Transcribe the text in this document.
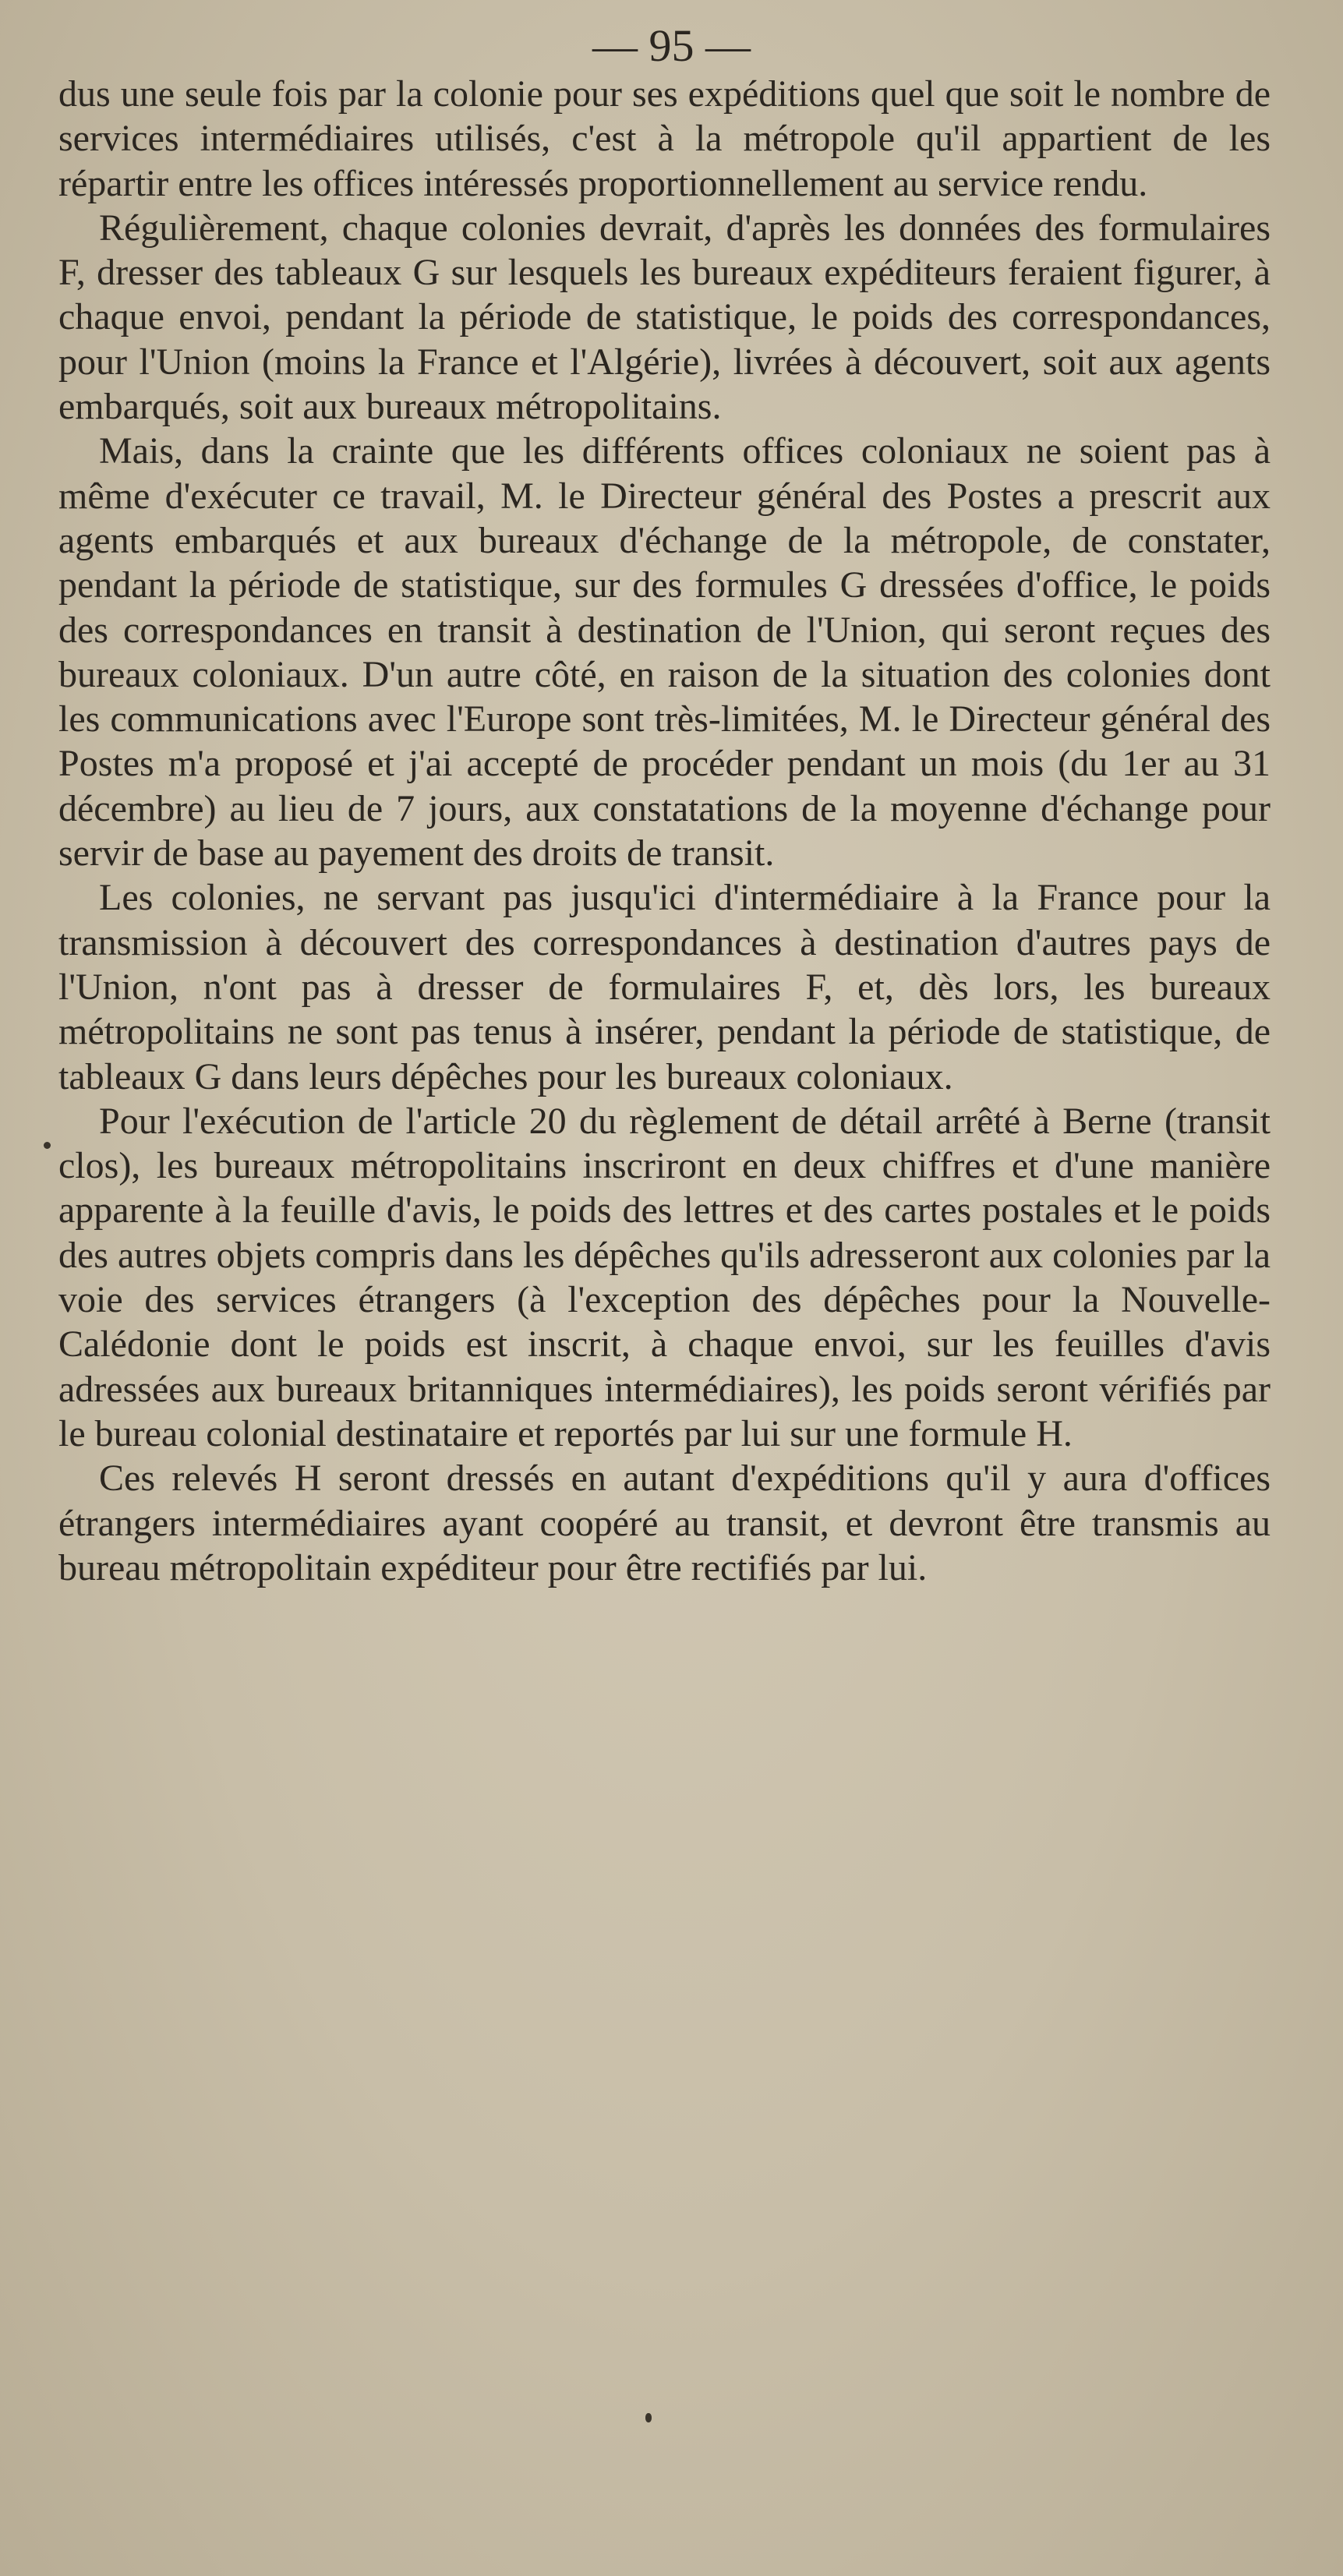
— 95 —

dus une seule fois par la colonie pour ses expéditions quel que soit le nombre de services intermédiaires utilisés, c'est à la métropole qu'il appartient de les répartir entre les offices intéressés proportionnellement au service rendu.

Régulièrement, chaque colonies devrait, d'après les données des formulaires F, dresser des tableaux G sur lesquels les bureaux expéditeurs feraient figurer, à chaque envoi, pendant la période de statistique, le poids des correspondances, pour l'Union (moins la France et l'Algérie), livrées à découvert, soit aux agents embarqués, soit aux bureaux métropolitains.

Mais, dans la crainte que les différents offices coloniaux ne soient pas à même d'exécuter ce travail, M. le Directeur général des Postes a prescrit aux agents embarqués et aux bureaux d'échange de la métropole, de constater, pendant la période de statistique, sur des formules G dressées d'office, le poids des correspondances en transit à destination de l'Union, qui seront reçues des bureaux coloniaux. D'un autre côté, en raison de la situation des colonies dont les communications avec l'Europe sont très-limitées, M. le Directeur général des Postes m'a proposé et j'ai accepté de procéder pendant un mois (du 1er au 31 décembre) au lieu de 7 jours, aux constatations de la moyenne d'échange pour servir de base au payement des droits de transit.

Les colonies, ne servant pas jusqu'ici d'intermédiaire à la France pour la transmission à découvert des correspondances à destination d'autres pays de l'Union, n'ont pas à dresser de formulaires F, et, dès lors, les bureaux métropolitains ne sont pas tenus à insérer, pendant la période de statistique, de tableaux G dans leurs dépêches pour les bureaux coloniaux.

Pour l'exécution de l'article 20 du règlement de détail arrêté à Berne (transit clos), les bureaux métropolitains inscriront en deux chiffres et d'une manière apparente à la feuille d'avis, le poids des lettres et des cartes postales et le poids des autres objets compris dans les dépêches qu'ils adresseront aux colonies par la voie des services étrangers (à l'exception des dépêches pour la Nouvelle-Calédonie dont le poids est inscrit, à chaque envoi, sur les feuilles d'avis adressées aux bureaux britanniques intermédiaires), les poids seront vérifiés par le bureau colonial destinataire et reportés par lui sur une formule H.

Ces relevés H seront dressés en autant d'expéditions qu'il y aura d'offices étrangers intermédiaires ayant coopéré au transit, et devront être transmis au bureau métropolitain expéditeur pour être rectifiés par lui.
